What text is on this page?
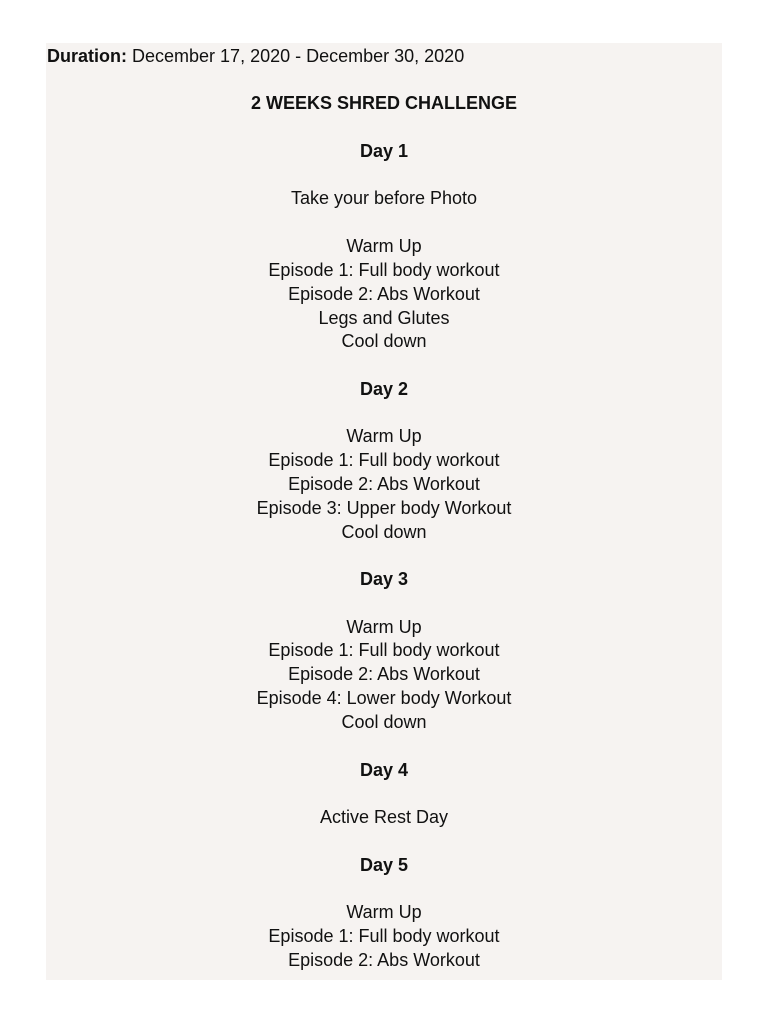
Duration: December 17, 2020 - December 30, 2020
2 WEEKS SHRED CHALLENGE
Day 1
Take your before Photo
Warm Up
Episode 1: Full body workout
Episode 2: Abs Workout
Legs and Glutes
Cool down
Day 2
Warm Up
Episode 1: Full body workout
Episode 2: Abs Workout
Episode 3: Upper body Workout
Cool down
Day 3
Warm Up
Episode 1: Full body workout
Episode 2: Abs Workout
Episode 4: Lower body Workout
Cool down
Day 4
Active Rest Day
Day 5
Warm Up
Episode 1: Full body workout
Episode 2: Abs Workout
